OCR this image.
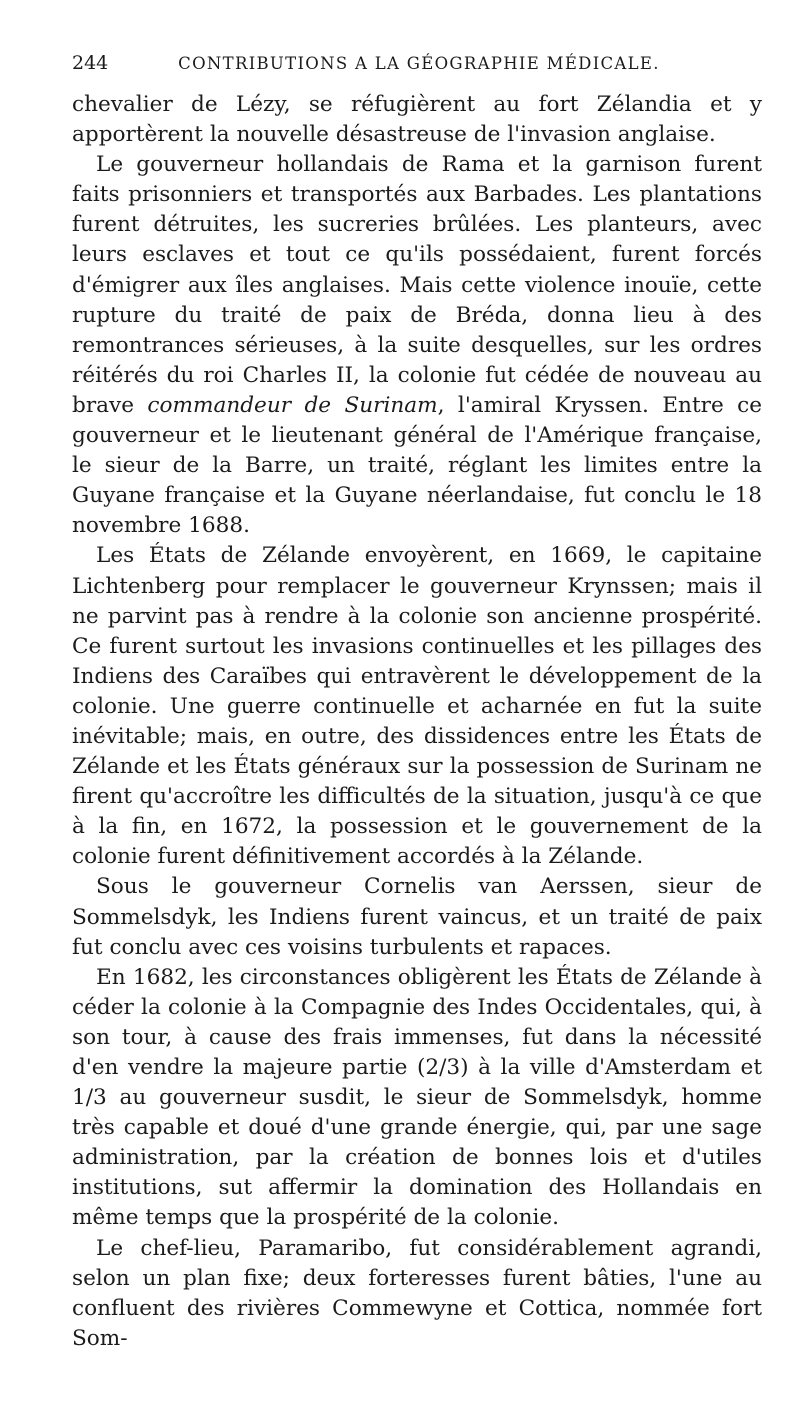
244	CONTRIBUTIONS A LA GÉOGRAPHIE MÉDICALE.

chevalier de Lézy, se réfugièrent au fort Zélandia et y apportèrent la nouvelle désastreuse de l'invasion anglaise.

Le gouverneur hollandais de Rama et la garnison furent faits prisonniers et transportés aux Barbades. Les plantations furent détruites, les sucreries brûlées. Les planteurs, avec leurs esclaves et tout ce qu'ils possédaient, furent forcés d'émigrer aux îles anglaises. Mais cette violence inouïe, cette rupture du traité de paix de Bréda, donna lieu à des remontrances sérieuses, à la suite desquelles, sur les ordres réitérés du roi Charles II, la colonie fut cédée de nouveau au brave commandeur de Surinam, l'amiral Kryssen. Entre ce gouverneur et le lieutenant général de l'Amérique française, le sieur de la Barre, un traité, réglant les limites entre la Guyane française et la Guyane néerlandaise, fut conclu le 18 novembre 1688.

Les États de Zélande envoyèrent, en 1669, le capitaine Lichtenberg pour remplacer le gouverneur Krynssen; mais il ne parvint pas à rendre à la colonie son ancienne prospérité. Ce furent surtout les invasions continuelles et les pillages des Indiens des Caraïbes qui entravèrent le développement de la colonie. Une guerre continuelle et acharnée en fut la suite inévitable; mais, en outre, des dissidences entre les États de Zélande et les États généraux sur la possession de Surinam ne firent qu'accroître les difficultés de la situation, jusqu'à ce que à la fin, en 1672, la possession et le gouvernement de la colonie furent définitivement accordés à la Zélande.

Sous le gouverneur Cornelis van Aerssen, sieur de Sommelsdyk, les Indiens furent vaincus, et un traité de paix fut conclu avec ces voisins turbulents et rapaces.

En 1682, les circonstances obligèrent les États de Zélande à céder la colonie à la Compagnie des Indes Occidentales, qui, à son tour, à cause des frais immenses, fut dans la nécessité d'en vendre la majeure partie (2/3) à la ville d'Amsterdam et 1/3 au gouverneur susdit, le sieur de Sommelsdyk, homme très capable et doué d'une grande énergie, qui, par une sage administration, par la création de bonnes lois et d'utiles institutions, sut affermir la domination des Hollandais en même temps que la prospérité de la colonie.

Le chef-lieu, Paramaribo, fut considérablement agrandi, selon un plan fixe; deux forteresses furent bâties, l'une au confluent des rivières Commewyne et Cottica, nommée fort Som-
